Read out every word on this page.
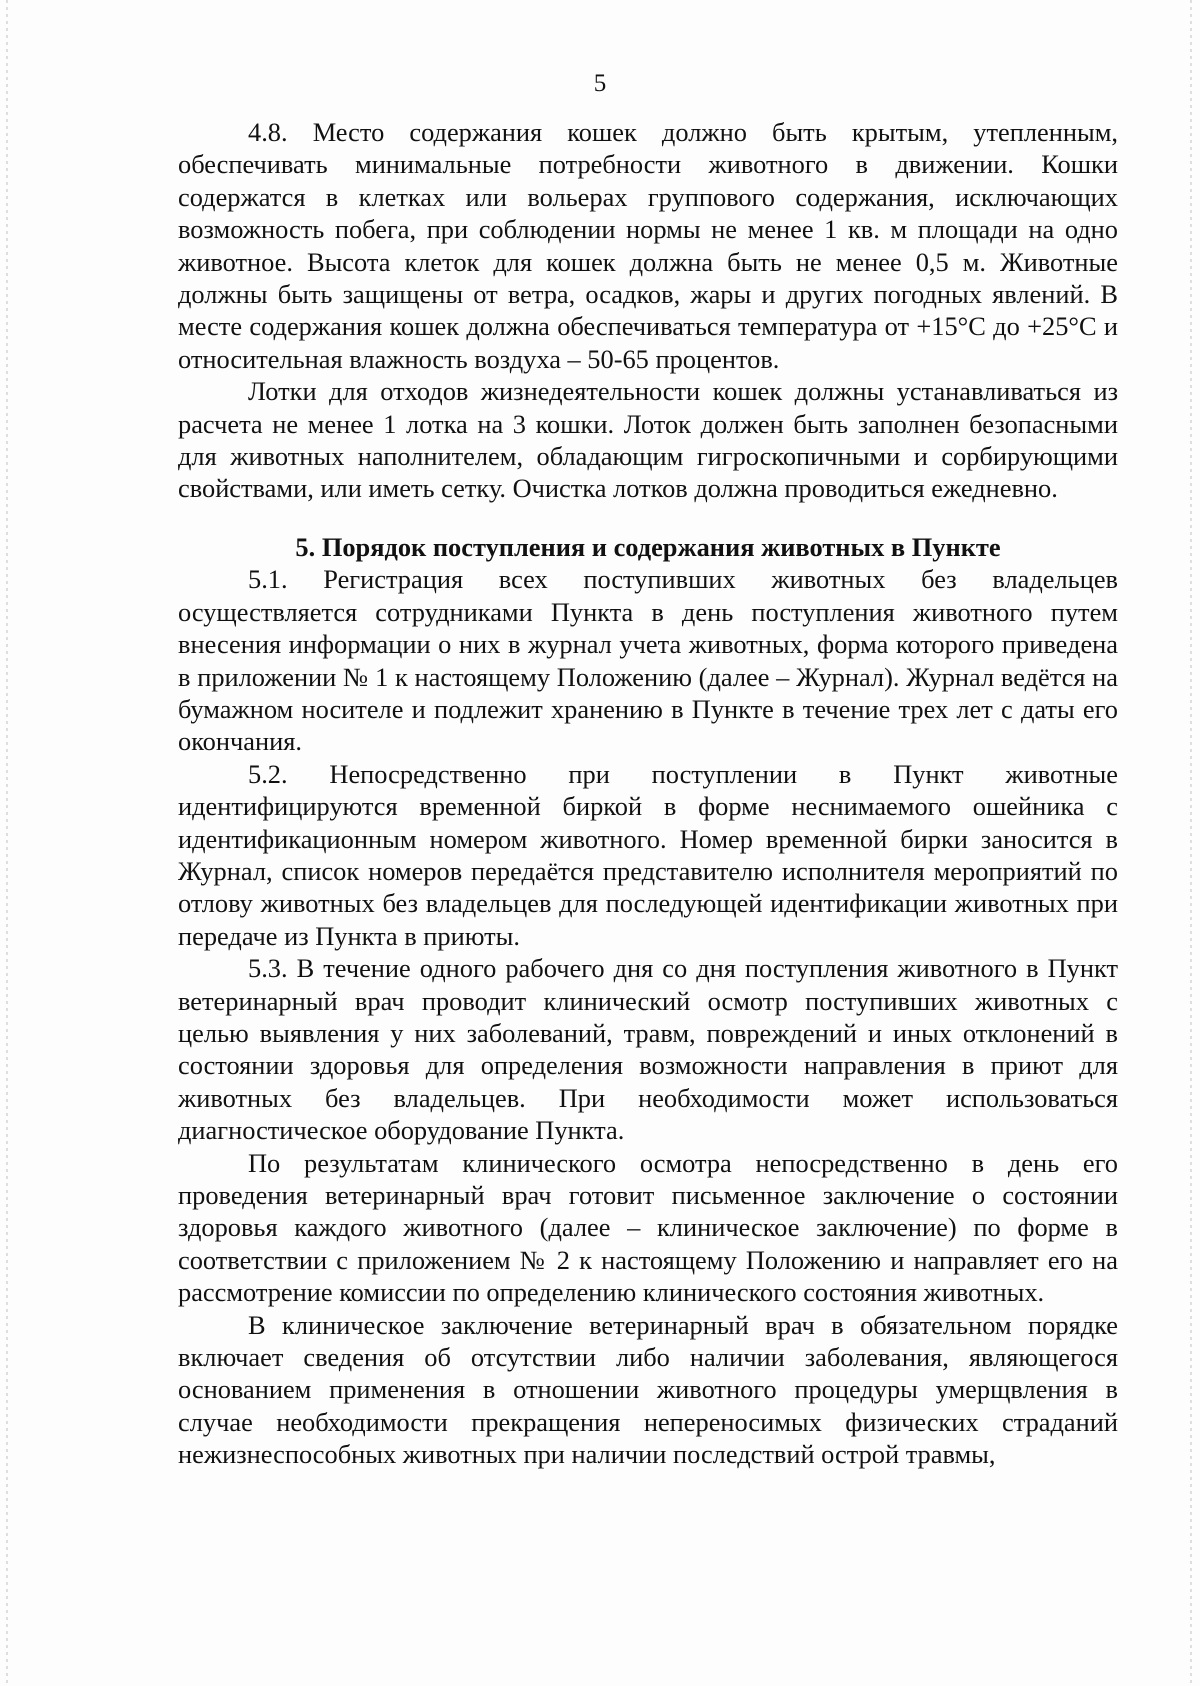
5

4.8. Место содержания кошек должно быть крытым, утепленным, обеспечивать минимальные потребности животного в движении. Кошки содержатся в клетках или вольерах группового содержания, исключающих возможность побега, при соблюдении нормы не менее 1 кв. м площади на одно животное. Высота клеток для кошек должна быть не менее 0,5 м. Животные должны быть защищены от ветра, осадков, жары и других погодных явлений. В месте содержания кошек должна обеспечиваться температура от +15°С до +25°С и относительная влажность воздуха – 50-65 процентов.

Лотки для отходов жизнедеятельности кошек должны устанавливаться из расчета не менее 1 лотка на 3 кошки. Лоток должен быть заполнен безопасными для животных наполнителем, обладающим гигроскопичными и сорбирующими свойствами, или иметь сетку. Очистка лотков должна проводиться ежедневно.

5. Порядок поступления и содержания животных в Пункте

5.1. Регистрация всех поступивших животных без владельцев осуществляется сотрудниками Пункта в день поступления животного путем внесения информации о них в журнал учета животных, форма которого приведена в приложении № 1 к настоящему Положению (далее – Журнал). Журнал ведётся на бумажном носителе и подлежит хранению в Пункте в течение трех лет с даты его окончания.

5.2. Непосредственно при поступлении в Пункт животные идентифицируются временной биркой в форме неснимаемого ошейника с идентификационным номером животного. Номер временной бирки заносится в Журнал, список номеров передаётся представителю исполнителя мероприятий по отлову животных без владельцев для последующей идентификации животных при передаче из Пункта в приюты.

5.3. В течение одного рабочего дня со дня поступления животного в Пункт ветеринарный врач проводит клинический осмотр поступивших животных с целью выявления у них заболеваний, травм, повреждений и иных отклонений в состоянии здоровья для определения возможности направления в приют для животных без владельцев. При необходимости может использоваться диагностическое оборудование Пункта.

По результатам клинического осмотра непосредственно в день его проведения ветеринарный врач готовит письменное заключение о состоянии здоровья каждого животного (далее – клиническое заключение) по форме в соответствии с приложением № 2 к настоящему Положению и направляет его на рассмотрение комиссии по определению клинического состояния животных.

В клиническое заключение ветеринарный врач в обязательном порядке включает сведения об отсутствии либо наличии заболевания, являющегося основанием применения в отношении животного процедуры умерщвления в случае необходимости прекращения непереносимых физических страданий нежизнеспособных животных при наличии последствий острой травмы,
